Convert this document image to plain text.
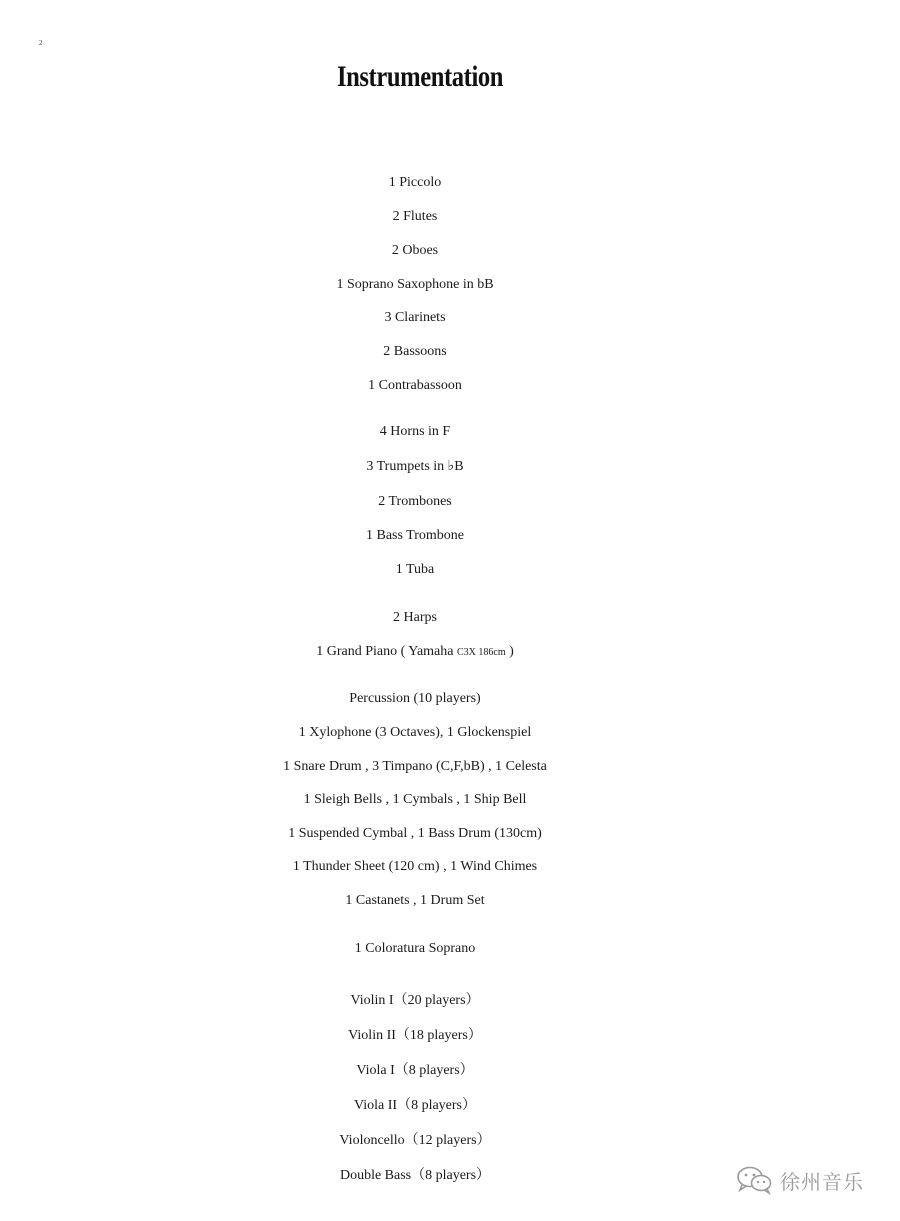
2
Instrumentation
1 Piccolo
2 Flutes
2 Oboes
1 Soprano Saxophone in bB
3 Clarinets
2 Bassoons
1 Contrabassoon
4 Horns in F
3 Trumpets in ♭B
2 Trombones
1 Bass Trombone
1 Tuba
2 Harps
1 Grand Piano ( Yamaha C3X 186cm )
Percussion (10 players)
1 Xylophone (3 Octaves), 1 Glockenspiel
1 Snare Drum , 3 Timpano (C,F,bB) , 1 Celesta
1 Sleigh Bells , 1 Cymbals , 1 Ship Bell
1 Suspended Cymbal , 1 Bass Drum (130cm)
1 Thunder Sheet (120 cm) , 1 Wind Chimes
1 Castanets , 1 Drum Set
1 Coloratura Soprano
Violin I（20 players）
Violin II（18 players）
Viola I（8 players）
Viola II（8 players）
Violoncello（12 players）
Double Bass（8 players）	徐州音乐
